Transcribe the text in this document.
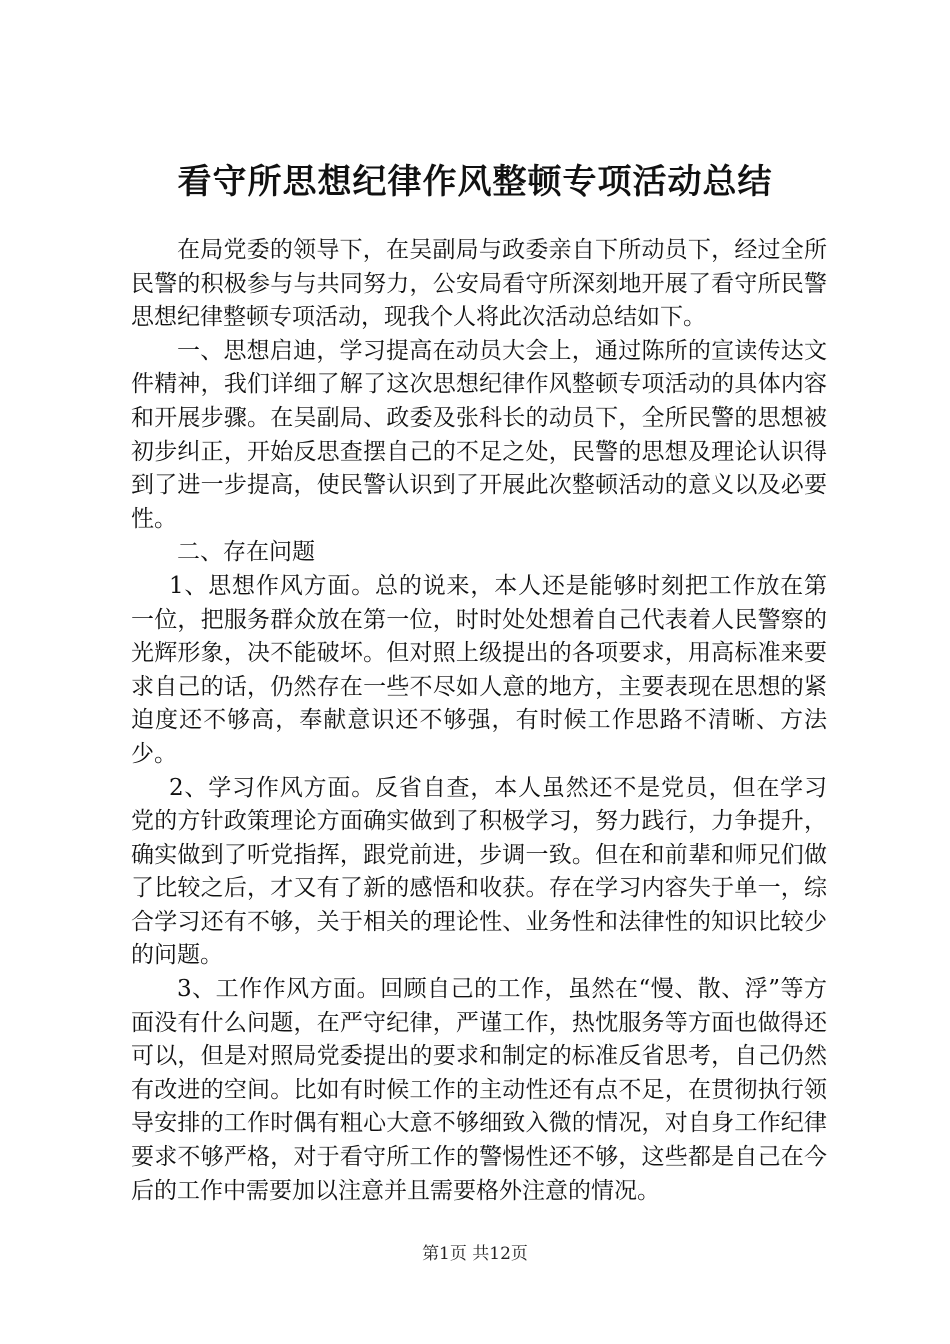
看守所思想纪律作风整顿专项活动总结

在局党委的领导下，在吴副局与政委亲自下所动员下，经过全所民警的积极参与与共同努力，公安局看守所深刻地开展了看守所民警思想纪律整顿专项活动，现我个人将此次活动总结如下。

一、思想启迪，学习提高在动员大会上，通过陈所的宣读传达文件精神，我们详细了解了这次思想纪律作风整顿专项活动的具体内容和开展步骤。在吴副局、政委及张科长的动员下，全所民警的思想被初步纠正，开始反思查摆自己的不足之处，民警的思想及理论认识得到了进一步提高，使民警认识到了开展此次整顿活动的意义以及必要性。

二、存在问题

1、思想作风方面。总的说来，本人还是能够时刻把工作放在第一位，把服务群众放在第一位，时时处处想着自己代表着人民警察的光辉形象，决不能破坏。但对照上级提出的各项要求，用高标准来要求自己的话，仍然存在一些不尽如人意的地方，主要表现在思想的紧迫度还不够高，奉献意识还不够强，有时候工作思路不清晰、方法少。

2、学习作风方面。反省自查，本人虽然还不是党员，但在学习党的方针政策理论方面确实做到了积极学习，努力践行，力争提升，确实做到了听党指挥，跟党前进，步调一致。但在和前辈和师兄们做了比较之后，才又有了新的感悟和收获。存在学习内容失于单一，综合学习还有不够，关于相关的理论性、业务性和法律性的知识比较少的问题。

3、工作作风方面。回顾自己的工作，虽然在“慢、散、浮”等方面没有什么问题，在严守纪律，严谨工作，热忱服务等方面也做得还可以，但是对照局党委提出的要求和制定的标准反省思考，自己仍然有改进的空间。比如有时候工作的主动性还有点不足，在贯彻执行领导安排的工作时偶有粗心大意不够细致入微的情况，对自身工作纪律要求不够严格，对于看守所工作的警惕性还不够，这些都是自己在今后的工作中需要加以注意并且需要格外注意的情况。

第1页 共12页
